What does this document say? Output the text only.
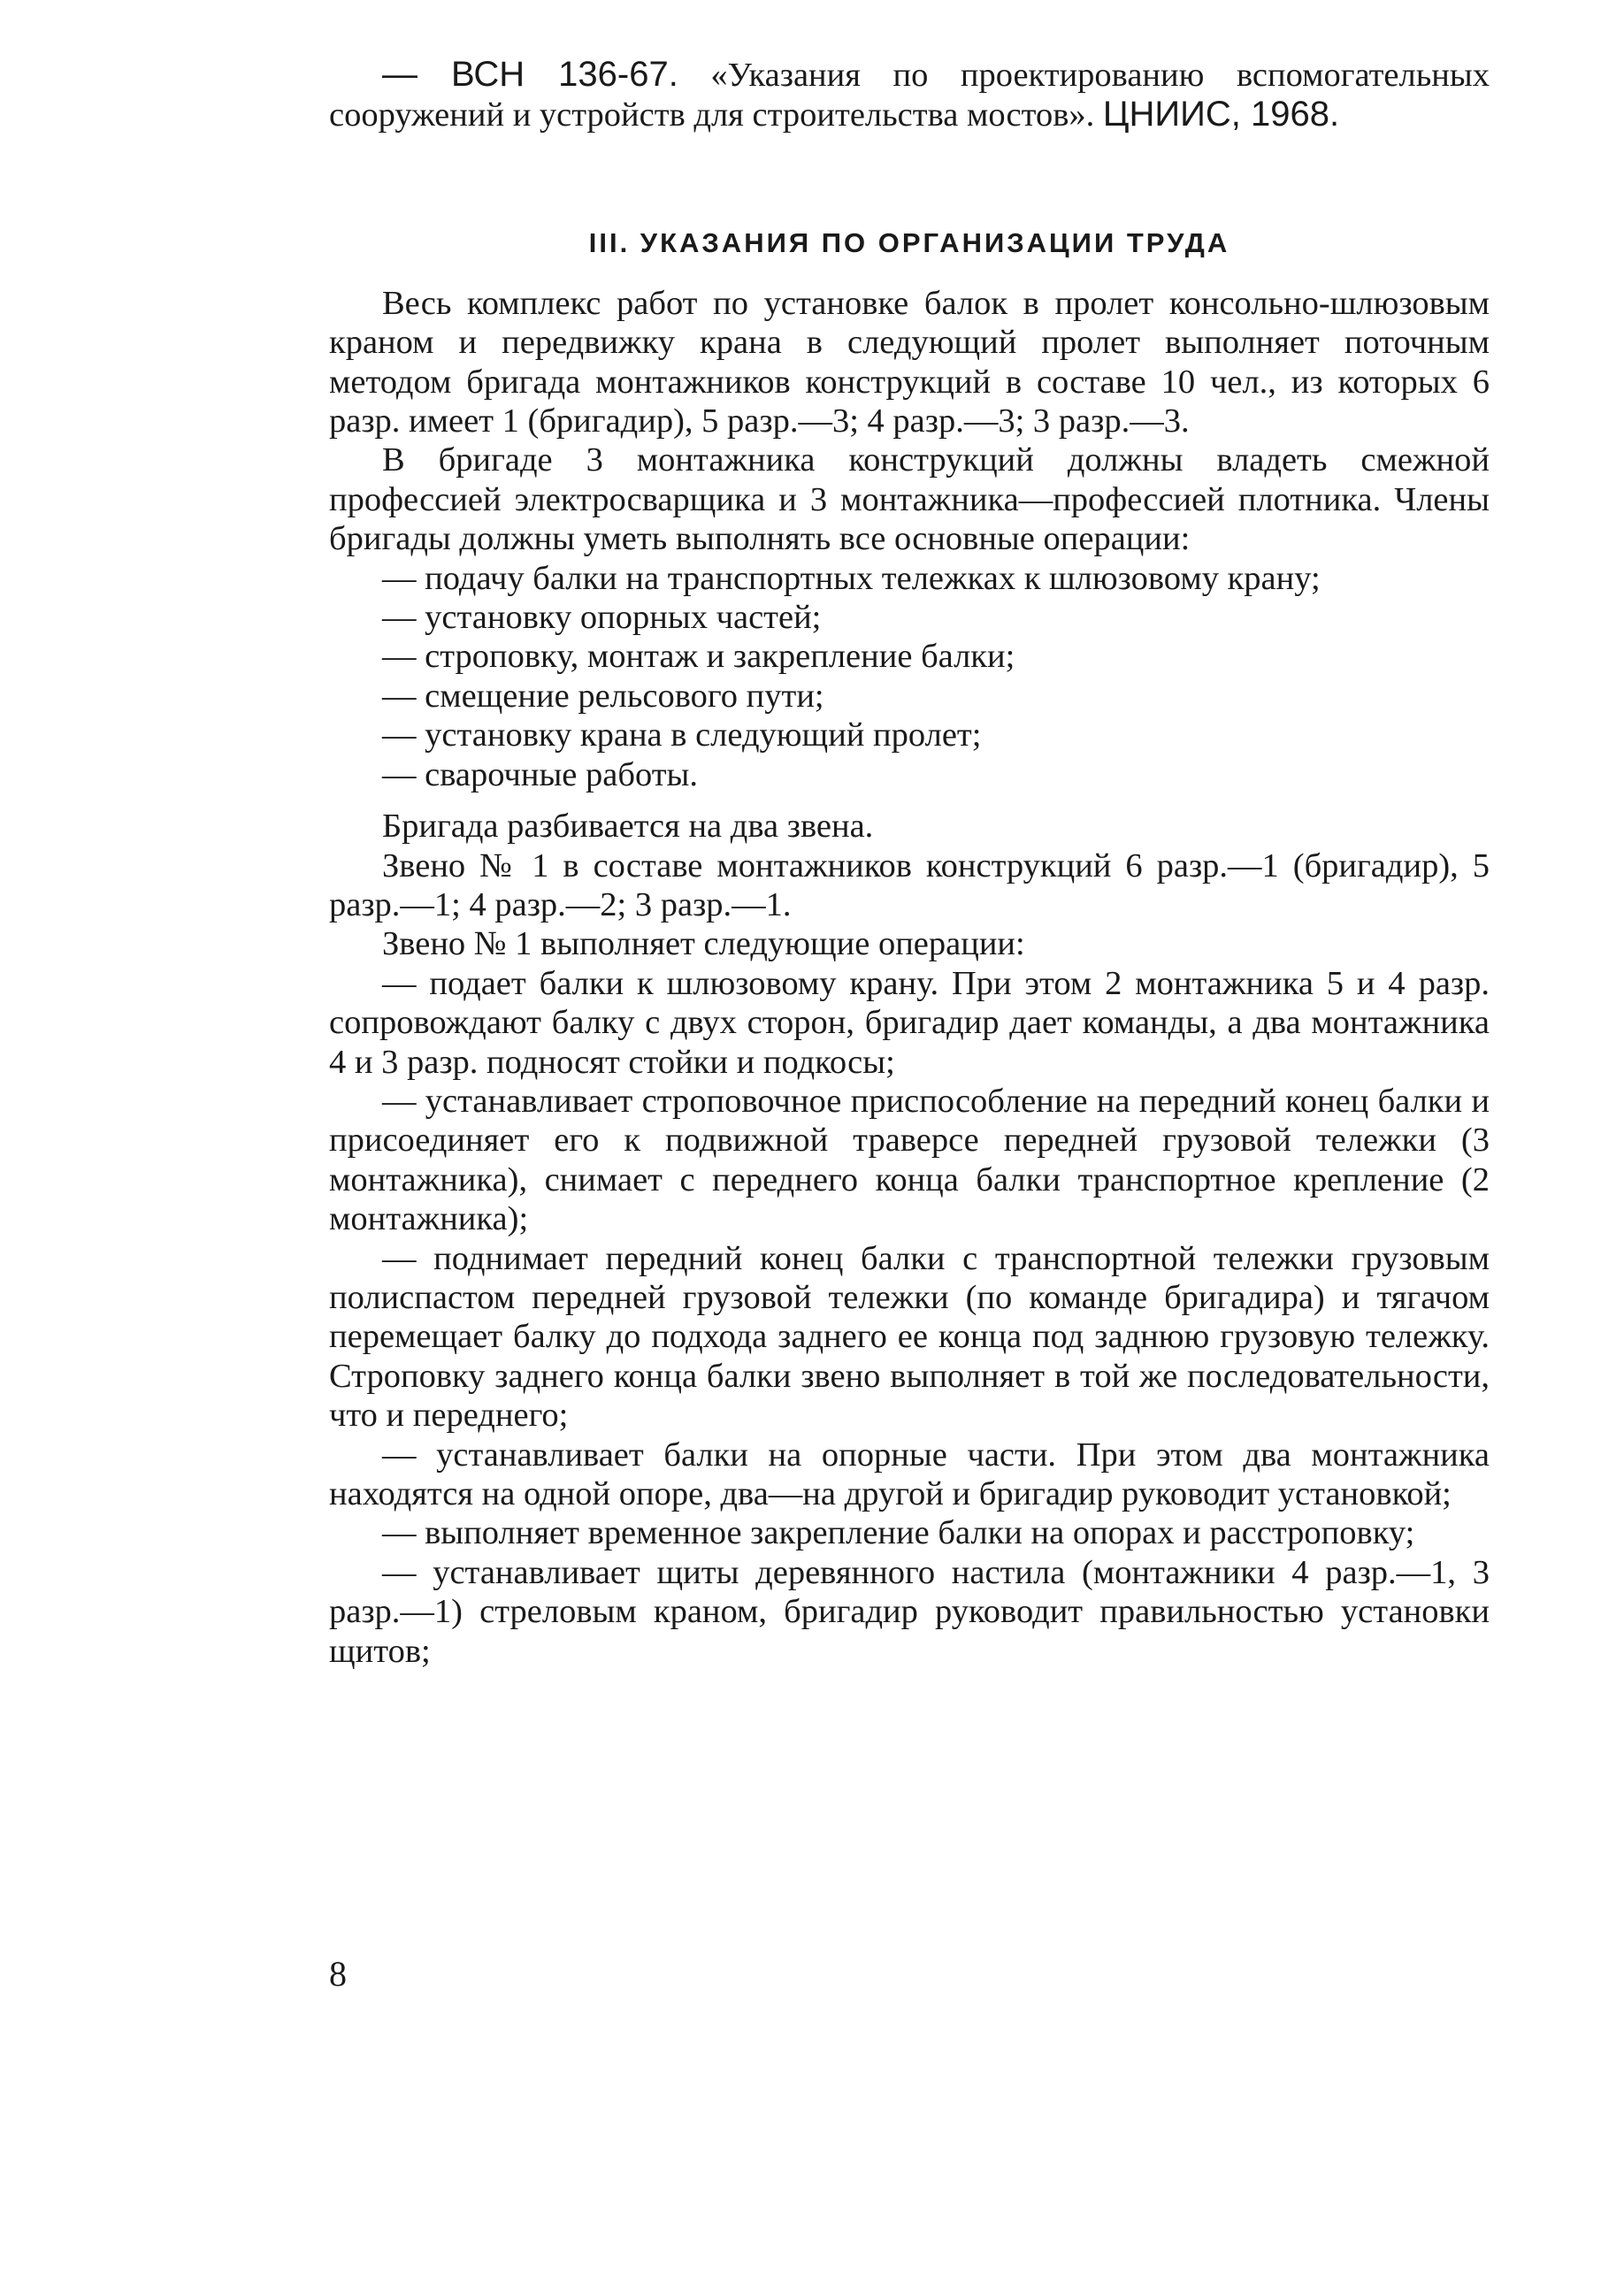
— ВСН 136-67. «Указания по проектированию вспомогательных сооружений и устройств для строительства мостов». ЦНИИС, 1968.

III. УКАЗАНИЯ ПО ОРГАНИЗАЦИИ ТРУДА

Весь комплекс работ по установке балок в пролет консольно-шлюзовым краном и передвижку крана в следующий пролет выполняет поточным методом бригада монтажников конструкций в составе 10 чел., из которых 6 разр. имеет 1 (бригадир), 5 разр.—3; 4 разр.—3; 3 разр.—3.

В бригаде 3 монтажника конструкций должны владеть смежной профессией электросварщика и 3 монтажника—профессией плотника. Члены бригады должны уметь выполнять все основные операции:

— подачу балки на транспортных тележках к шлюзовому крану;

— установку опорных частей;

— строповку, монтаж и закрепление балки;

— смещение рельсового пути;

— установку крана в следующий пролет;

— сварочные работы.

Бригада разбивается на два звена.

Звено № 1 в составе монтажников конструкций 6 разр.—1 (бригадир), 5 разр.—1; 4 разр.—2; 3 разр.—1.

Звено № 1 выполняет следующие операции:

— подает балки к шлюзовому крану. При этом 2 монтажника 5 и 4 разр. сопровождают балку с двух сторон, бригадир дает команды, а два монтажника 4 и 3 разр. подносят стойки и подкосы;

— устанавливает строповочное приспособление на передний конец балки и присоединяет его к подвижной траверсе передней грузовой тележки (3 монтажника), снимает с переднего конца балки транспортное крепление (2 монтажника);

— поднимает передний конец балки с транспортной тележки грузовым полиспастом передней грузовой тележки (по команде бригадира) и тягачом перемещает балку до подхода заднего ее конца под заднюю грузовую тележку. Строповку заднего конца балки звено выполняет в той же последовательности, что и переднего;

— устанавливает балки на опорные части. При этом два монтажника находятся на одной опоре, два—на другой и бригадир руководит установкой;

— выполняет временное закрепление балки на опорах и расстроповку;

— устанавливает щиты деревянного настила (монтажники 4 разр.—1, 3 разр.—1) стреловым краном, бригадир руководит правильностью установки щитов;

8
